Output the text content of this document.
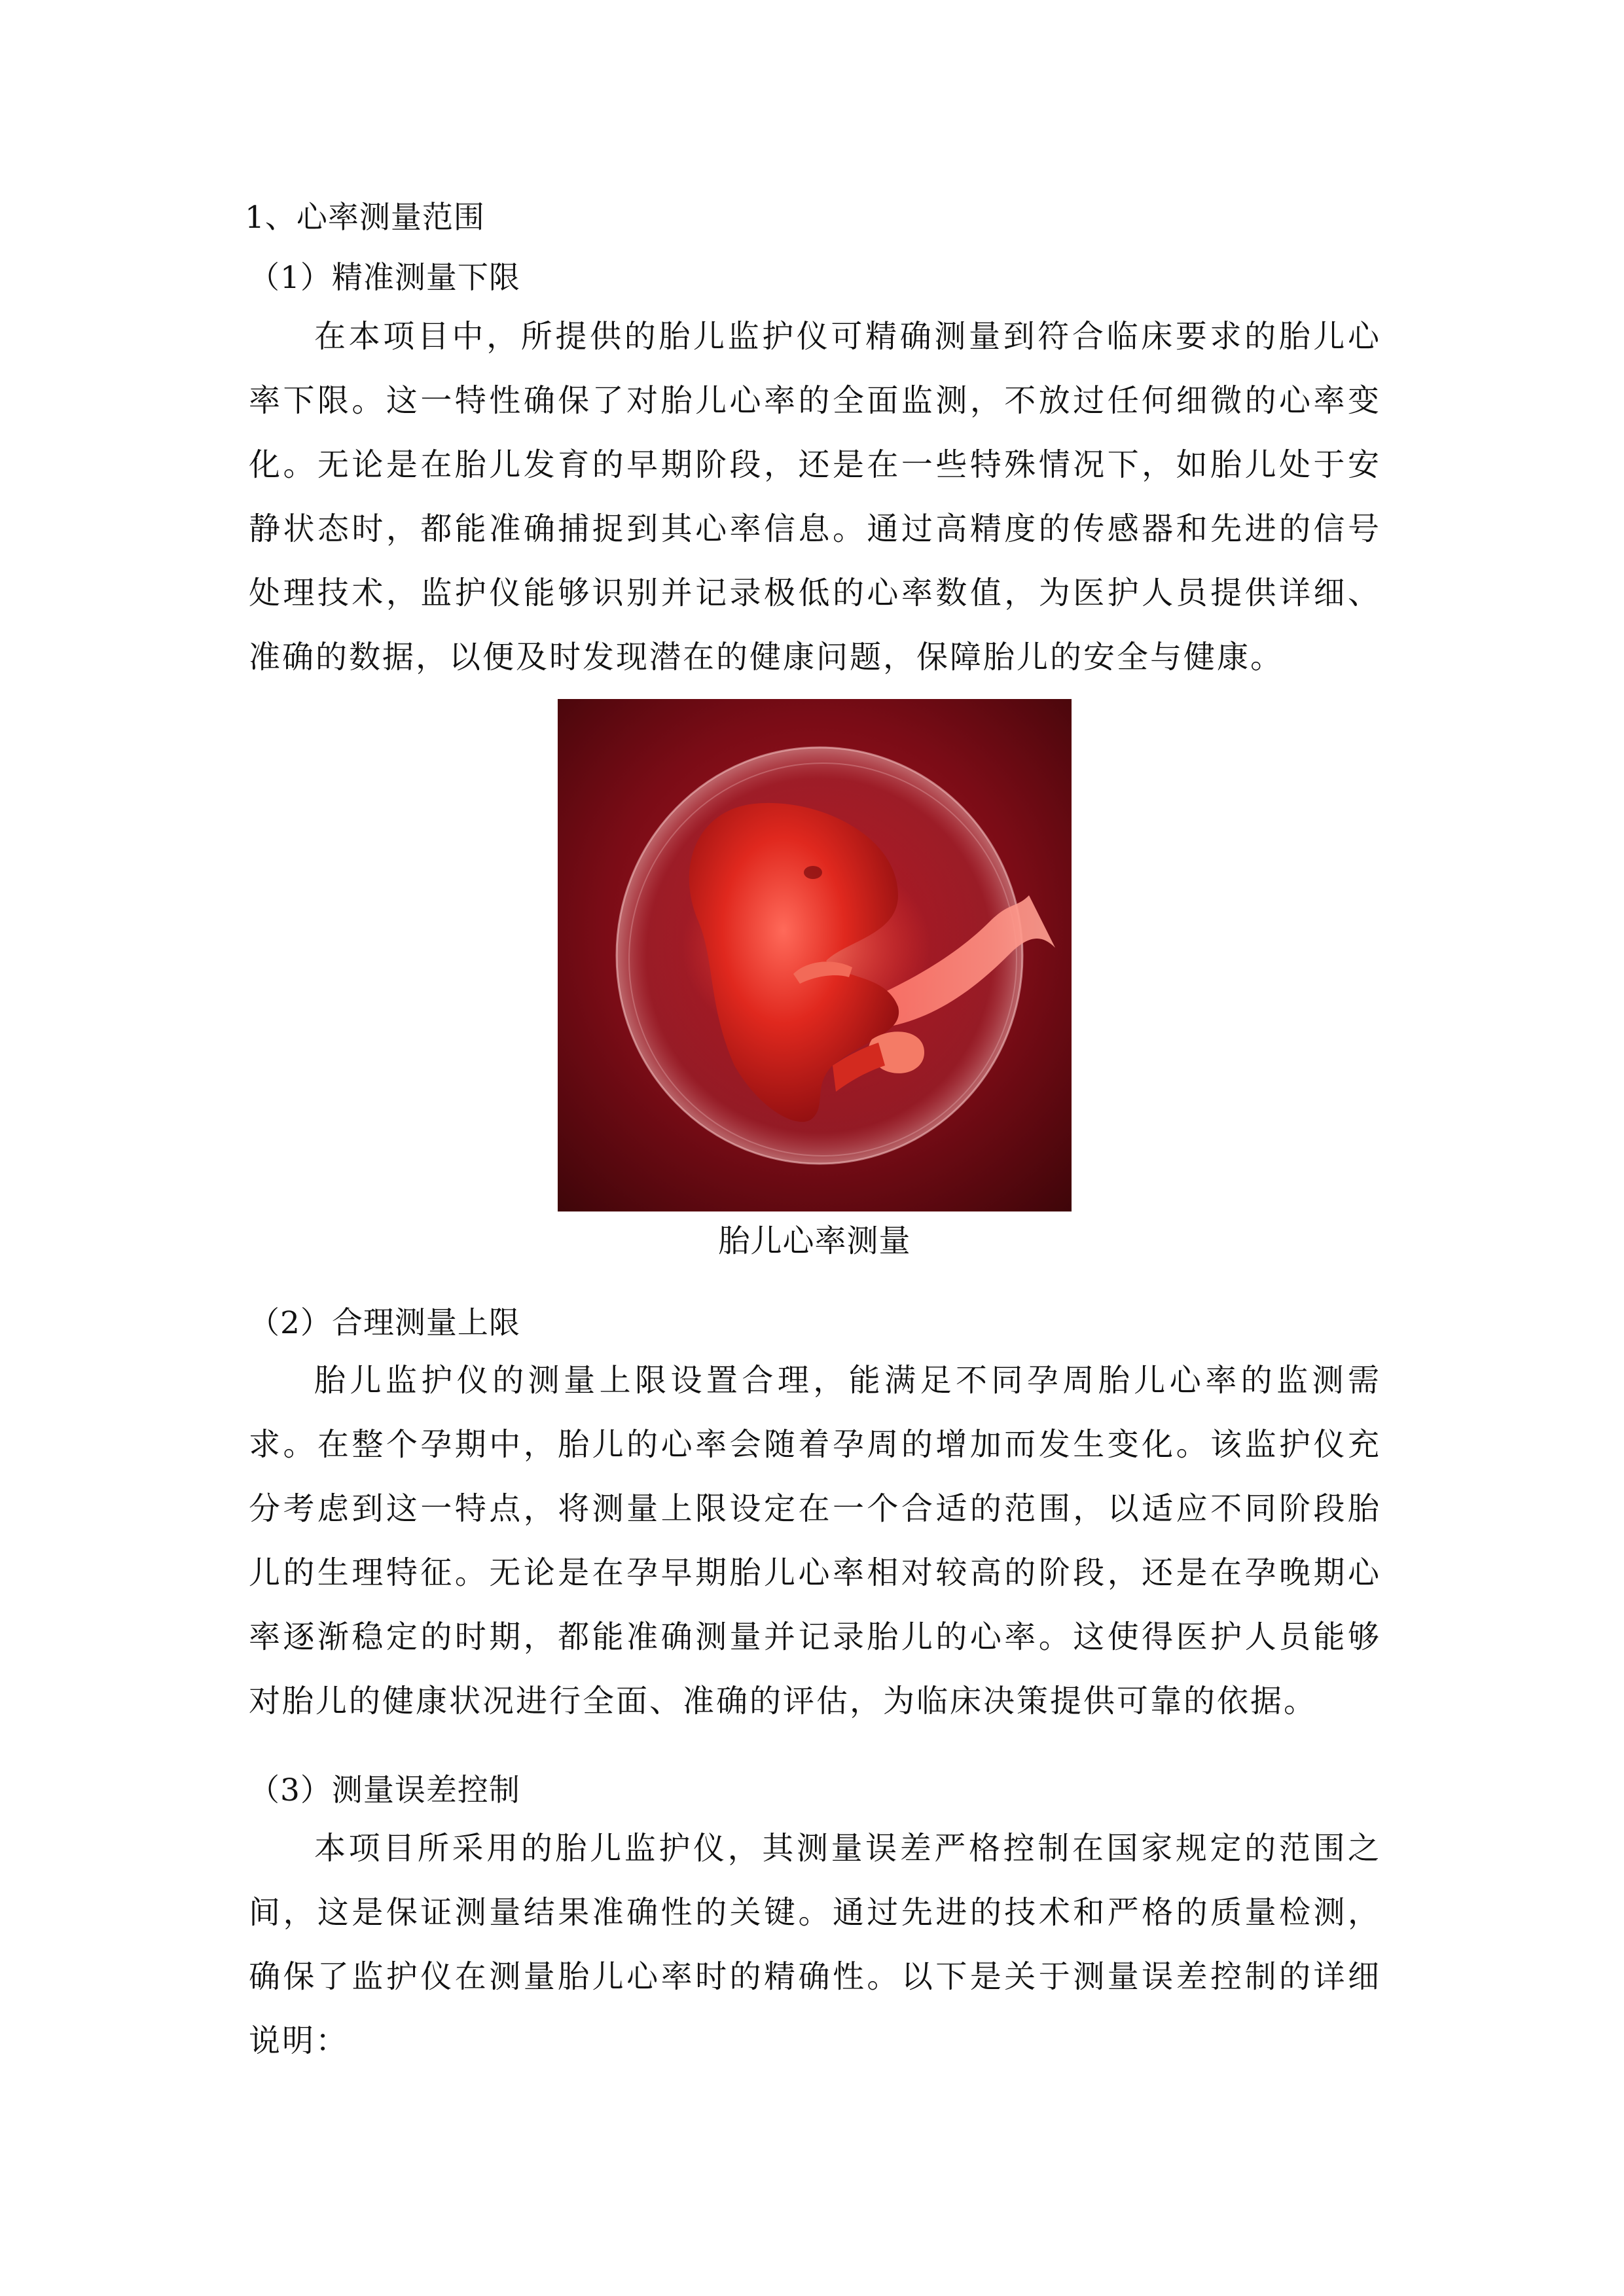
1、心率测量范围
（1）精准测量下限

在本项目中，所提供的胎儿监护仪可精确测量到符合临床要求的胎儿心率下限。这一特性确保了对胎儿心率的全面监测，不放过任何细微的心率变化。无论是在胎儿发育的早期阶段，还是在一些特殊情况下，如胎儿处于安静状态时，都能准确捕捉到其心率信息。通过高精度的传感器和先进的信号处理技术，监护仪能够识别并记录极低的心率数值，为医护人员提供详细、准确的数据，以便及时发现潜在的健康问题，保障胎儿的安全与健康。

胎儿心率测量
（2）合理测量上限

胎儿监护仪的测量上限设置合理，能满足不同孕周胎儿心率的监测需求。在整个孕期中，胎儿的心率会随着孕周的增加而发生变化。该监护仪充分考虑到这一特点，将测量上限设定在一个合适的范围，以适应不同阶段胎儿的生理特征。无论是在孕早期胎儿心率相对较高的阶段，还是在孕晚期心率逐渐稳定的时期，都能准确测量并记录胎儿的心率。这使得医护人员能够对胎儿的健康状况进行全面、准确的评估，为临床决策提供可靠的依据。

（3）测量误差控制

本项目所采用的胎儿监护仪，其测量误差严格控制在国家规定的范围之间，这是保证测量结果准确性的关键。通过先进的技术和严格的质量检测，确保了监护仪在测量胎儿心率时的精确性。以下是关于测量误差控制的详细说明：
